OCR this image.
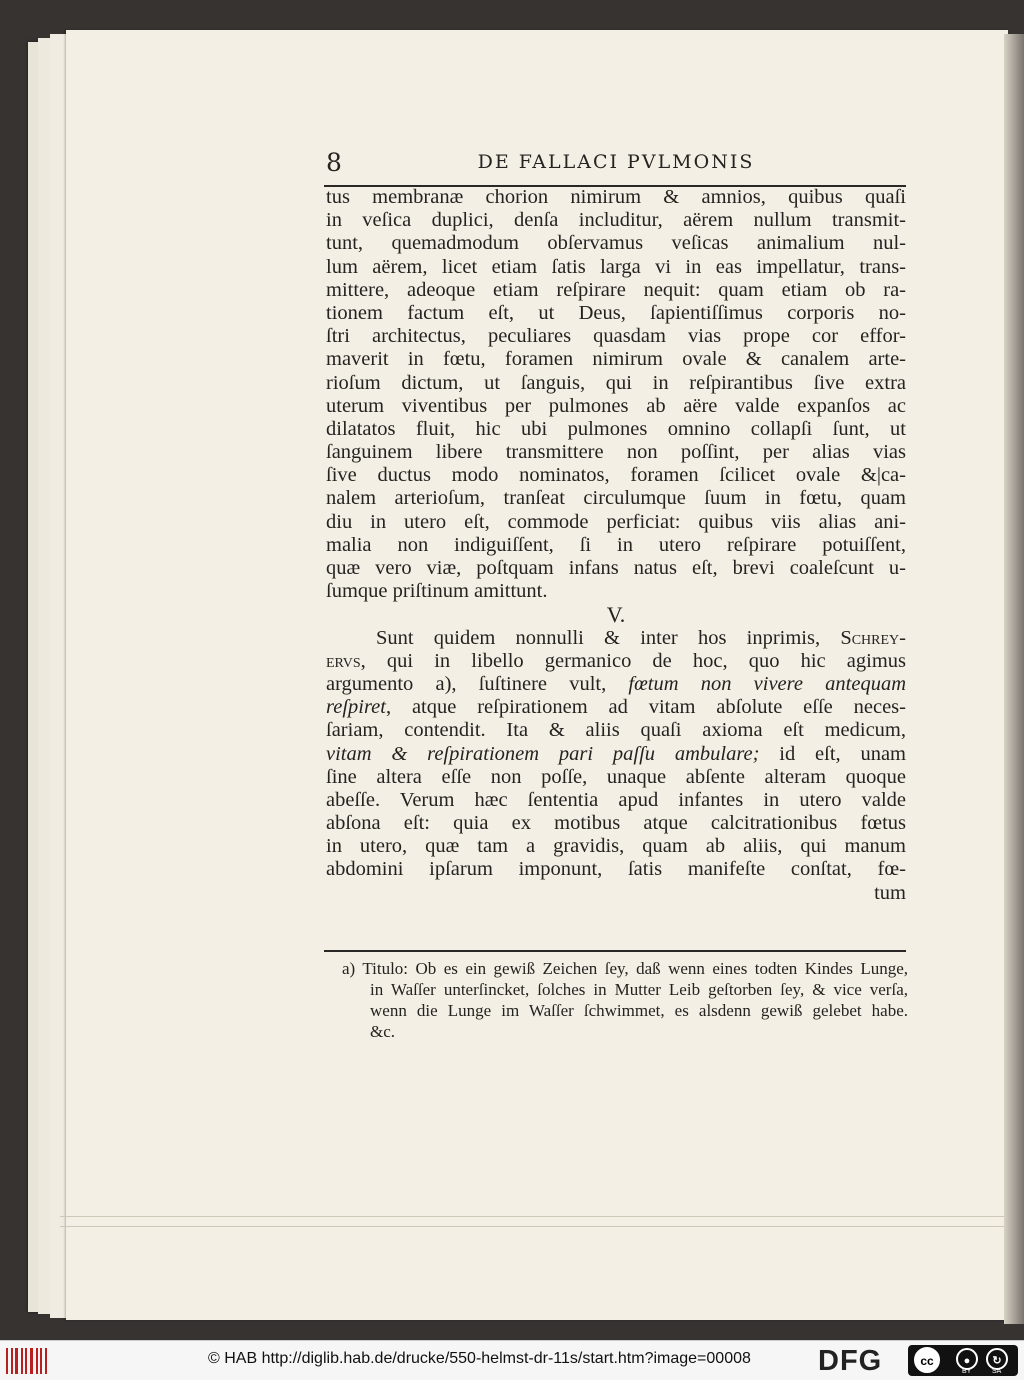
8	DE FALLACI PVLMONIS
tus membranæ chorion nimirum & amnios, quibus quaſi
in veſica duplici, denſa includitur, aërem nullum transmit-
tunt, quemadmodum obſervamus veſicas animalium nul-
lum aërem, licet etiam ſatis larga vi in eas impellatur, trans-
mittere, adeoque etiam reſpirare nequit: quam etiam ob ra-
tionem factum eſt, ut Deus, ſapientiſſimus corporis no-
ſtri architectus, peculiares quasdam vias prope cor effor-
maverit in fœtu, foramen nimirum ovale & canalem arte-
rioſum dictum, ut ſanguis, qui in reſpirantibus ſive extra
uterum viventibus per pulmones ab aëre valde expanſos ac
dilatatos fluit, hic ubi pulmones omnino collapſi ſunt, ut
ſanguinem libere transmittere non poſſint, per alias vias
ſive ductus modo nominatos, foramen ſcilicet ovale &|ca-
nalem arterioſum, tranſeat circulumque ſuum in fœtu, quam
diu in utero eſt, commode perficiat: quibus viis alias ani-
malia non indiguiſſent, ſi in utero reſpirare potuiſſent,
quæ vero viæ, poſtquam infans natus eſt, brevi coaleſcunt u-
ſumque priſtinum amittunt.
V.
Sunt quidem nonnulli & inter hos inprimis, Schrey-
ervs, qui in libello germanico de hoc, quo hic agimus
argumento a), ſuſtinere vult, fœtum non vivere antequam
reſpiret, atque reſpirationem ad vitam abſolute eſſe neces-
ſariam, contendit. Ita & aliis quaſi axioma eſt medicum,
vitam & reſpirationem pari paſſu ambulare; id eſt, unam
ſine altera eſſe non poſſe, unaque abſente alteram quoque
abeſſe. Verum hæc ſententia apud infantes in utero valde
abſona eſt: quia ex motibus atque calcitrationibus fœtus
in utero, quæ tam a gravidis, quam ab aliis, qui manum
abdomini ipſarum imponunt, ſatis manifeſte conſtat, fœ-
tum
a) Titulo: Ob es ein gewiß Zeichen ſey, daß wenn eines todten Kindes Lunge,
in Waſſer unterſincket, ſolches in Mutter Leib geſtorben ſey, & vice verſa,
wenn die Lunge im Waſſer ſchwimmet, es alsdenn gewiß gelebet habe.
&c.
© HAB http://diglib.hab.de/drucke/550-helmst-dr-11s/start.htm?image=00008 DFG	cc	●	↻
BY	SA
